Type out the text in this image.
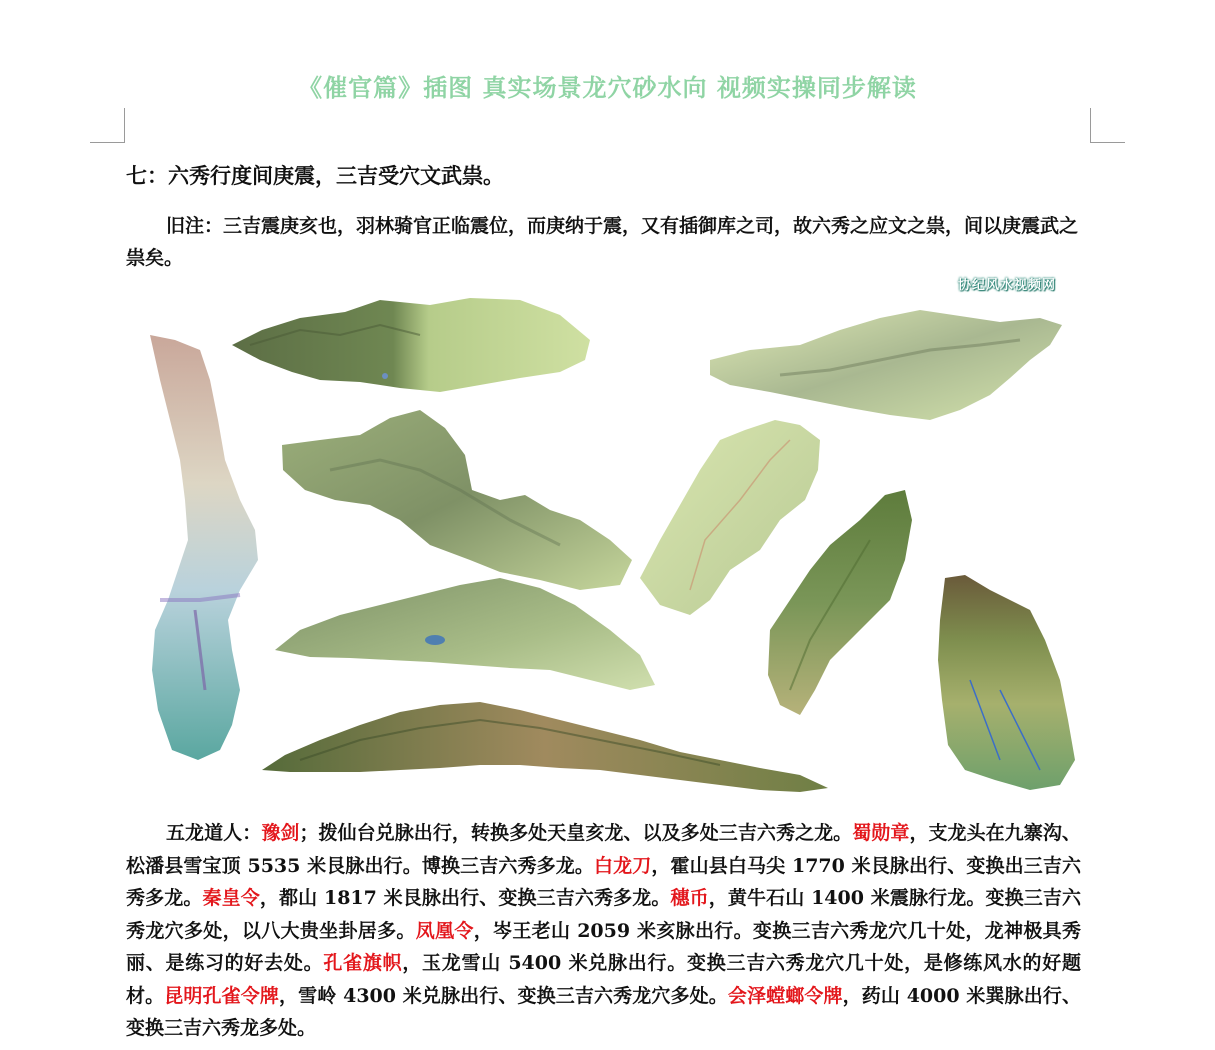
《催官篇》插图 真实场景龙穴砂水向 视频实操同步解读
七：六秀行度间庚震，三吉受穴文武祟。

旧注：三吉震庚亥也，羽林骑官正临震位，而庚纳于震，又有插御库之司，故六秀之应文之祟，间以庚震武之祟矣。

协纪风水视频网

五龙道人：豫剑；拨仙台兑脉出行，转换多处天皇亥龙、以及多处三吉六秀之龙。蜀勋章，支龙头在九寨沟、松潘县雪宝顶 5535 米艮脉出行。博换三吉六秀多龙。白龙刀，霍山县白马尖 1770 米艮脉出行、变换出三吉六秀多龙。秦皇令，都山 1817 米艮脉出行、变换三吉六秀多龙。穗币，黄牛石山 1400 米震脉行龙。变换三吉六秀龙穴多处，以八大贵坐卦居多。凤凰令，岑王老山 2059 米亥脉出行。变换三吉六秀龙穴几十处，龙神极具秀丽、是练习的好去处。孔雀旗帜，玉龙雪山 5400 米兑脉出行。变换三吉六秀龙穴几十处，是修练风水的好题材。昆明孔雀令牌，雪岭 4300 米兑脉出行、变换三吉六秀龙穴多处。会泽螳螂令牌，药山 4000 米巽脉出行、变换三吉六秀龙多处。
